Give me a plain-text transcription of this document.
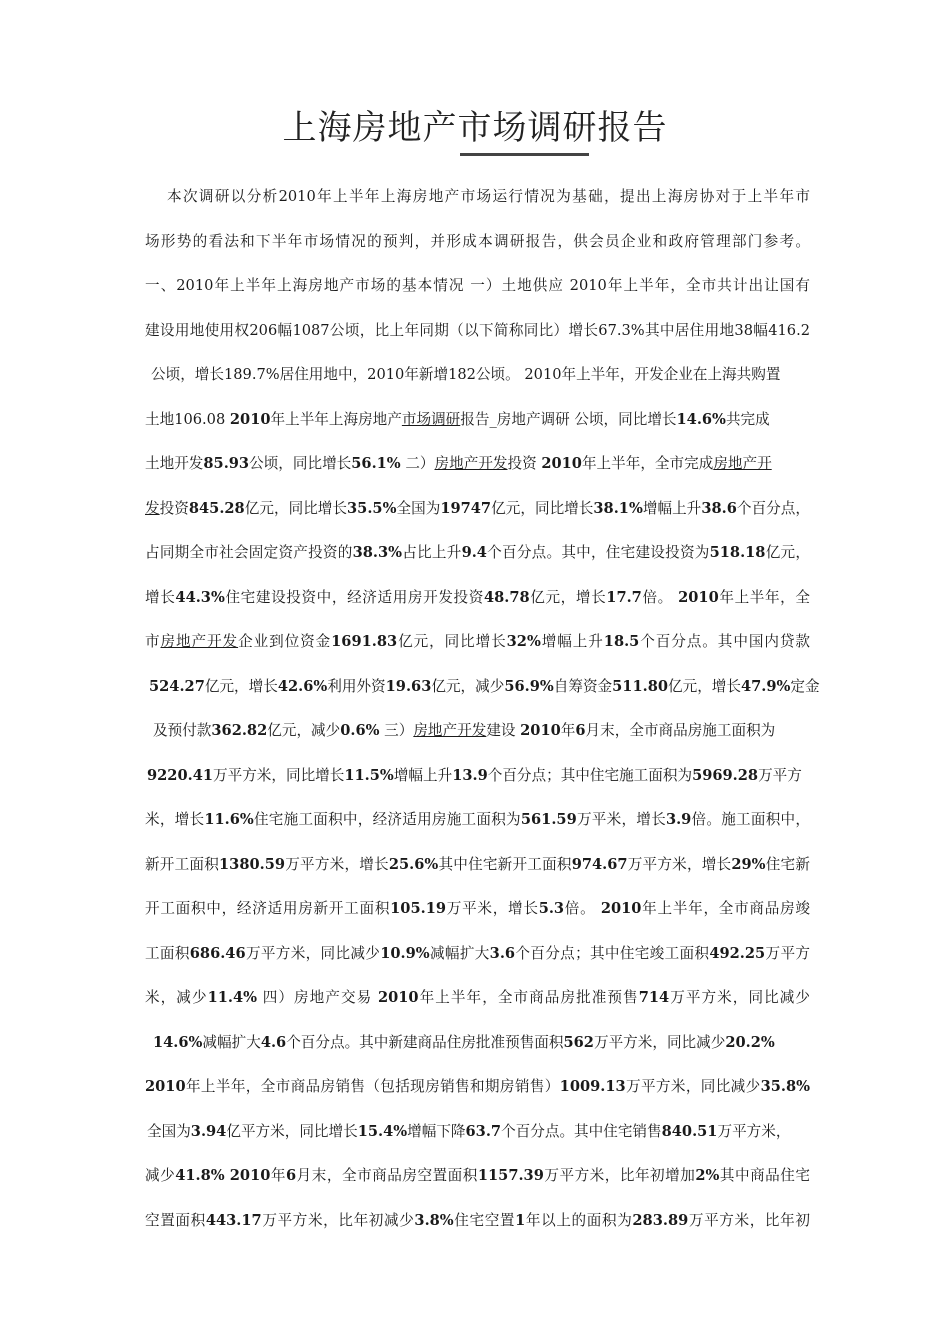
上海房地产市场调研报告
本次调研以分析2010年上半年上海房地产市场运行情况为基础，提出上海房协对于上半年市
场形势的看法和下半年市场情况的预判，并形成本调研报告，供会员企业和政府管理部门参考。
一、2010年上半年上海房地产市场的基本情况 一）土地供应 2010年上半年，全市共计出让国有
建设用地使用权206幅1087公顷，比上年同期（以下简称同比）增长67.3%其中居住用地38幅416.2
公顷，增长189.7%居住用地中，2010年新增182公顷。 2010年上半年，开发企业在上海共购置
土地106.08 2010年上半年上海房地产市场调研报告_房地产调研 公顷，同比增长14.6%共完成
土地开发85.93公顷，同比增长56.1% 二）房地产开发投资 2010年上半年，全市完成房地产开
发投资845.28亿元，同比增长35.5%全国为19747亿元，同比增长38.1%增幅上升38.6个百分点，
占同期全市社会固定资产投资的38.3%占比上升9.4个百分点。其中，住宅建设投资为518.18亿元，
增长44.3%住宅建设投资中，经济适用房开发投资48.78亿元，增长17.7倍。 2010年上半年，全
市房地产开发企业到位资金1691.83亿元，同比增长32%增幅上升18.5个百分点。其中国内贷款
524.27亿元，增长42.6%利用外资19.63亿元，减少56.9%自筹资金511.80亿元，增长47.9%定金
及预付款362.82亿元，减少0.6% 三）房地产开发建设 2010年6月末，全市商品房施工面积为
9220.41万平方米，同比增长11.5%增幅上升13.9个百分点；其中住宅施工面积为5969.28万平方
米，增长11.6%住宅施工面积中，经济适用房施工面积为561.59万平米，增长3.9倍。施工面积中，
新开工面积1380.59万平方米，增长25.6%其中住宅新开工面积974.67万平方米，增长29%住宅新
开工面积中，经济适用房新开工面积105.19万平米，增长5.3倍。 2010年上半年，全市商品房竣
工面积686.46万平方米，同比减少10.9%减幅扩大3.6个百分点；其中住宅竣工面积492.25万平方
米，减少11.4% 四）房地产交易 2010年上半年，全市商品房批准预售714万平方米，同比减少
14.6%减幅扩大4.6个百分点。其中新建商品住房批准预售面积562万平方米，同比减少20.2%
2010年上半年，全市商品房销售（包括现房销售和期房销售）1009.13万平方米，同比减少35.8%
全国为3.94亿平方米，同比增长15.4%增幅下降63.7个百分点。其中住宅销售840.51万平方米，
减少41.8% 2010年6月末，全市商品房空置面积1157.39万平方米，比年初增加2%其中商品住宅
空置面积443.17万平方米，比年初减少3.8%住宅空置1年以上的面积为283.89万平方米，比年初
